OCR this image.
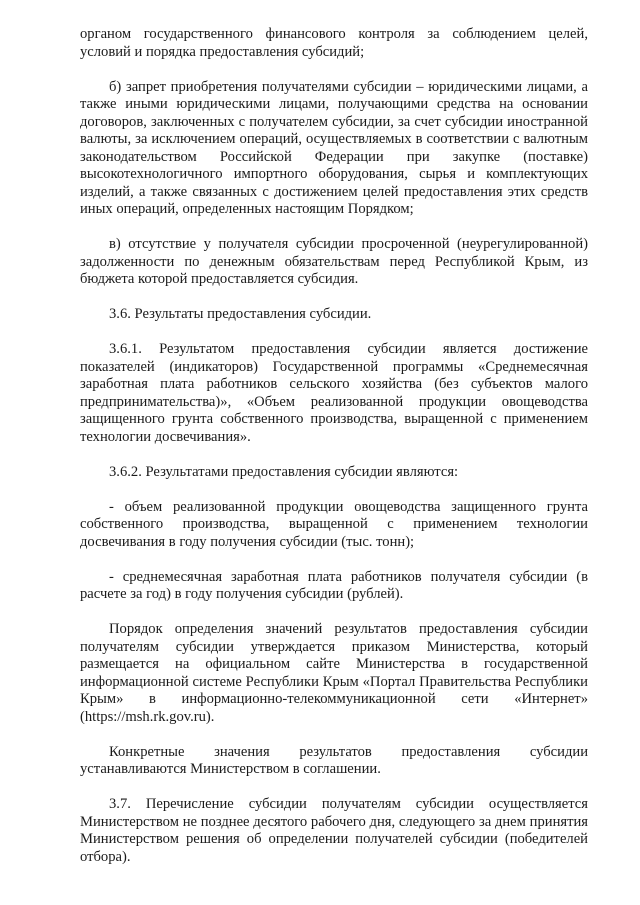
органом государственного финансового контроля за соблюдением целей, условий и порядка предоставления субсидий;

б) запрет приобретения получателями субсидии – юридическими лицами, а также иными юридическими лицами, получающими средства на основании договоров, заключенных с получателем субсидии, за счет субсидии иностранной валюты, за исключением операций, осуществляемых в соответствии с валютным законодательством Российской Федерации при закупке (поставке) высокотехнологичного импортного оборудования, сырья и комплектующих изделий, а также связанных с достижением целей предоставления этих средств иных операций, определенных настоящим Порядком;

в) отсутствие у получателя субсидии просроченной (неурегулированной) задолженности по денежным обязательствам перед Республикой Крым, из бюджета которой предоставляется субсидия.

3.6. Результаты предоставления субсидии.

3.6.1. Результатом предоставления субсидии является достижение показателей (индикаторов) Государственной программы «Среднемесячная заработная плата работников сельского хозяйства (без субъектов малого предпринимательства)», «Объем реализованной продукции овощеводства защищенного грунта собственного производства, выращенной с применением технологии досвечивания».

3.6.2. Результатами предоставления субсидии являются:

- объем реализованной продукции овощеводства защищенного грунта собственного производства, выращенной с применением технологии досвечивания в году получения субсидии (тыс. тонн);

- среднемесячная заработная плата работников получателя субсидии (в расчете за год) в году получения субсидии (рублей).

Порядок определения значений результатов предоставления субсидии получателям субсидии утверждается приказом Министерства, который размещается на официальном сайте Министерства в государственной информационной системе Республики Крым «Портал Правительства Республики Крым» в информационно-телекоммуникационной сети «Интернет» (https://msh.rk.gov.ru).

Конкретные значения результатов предоставления субсидии устанавливаются Министерством в соглашении.

3.7. Перечисление субсидии получателям субсидии осуществляется Министерством не позднее десятого рабочего дня, следующего за днем принятия Министерством решения об определении получателей субсидии (победителей отбора).
